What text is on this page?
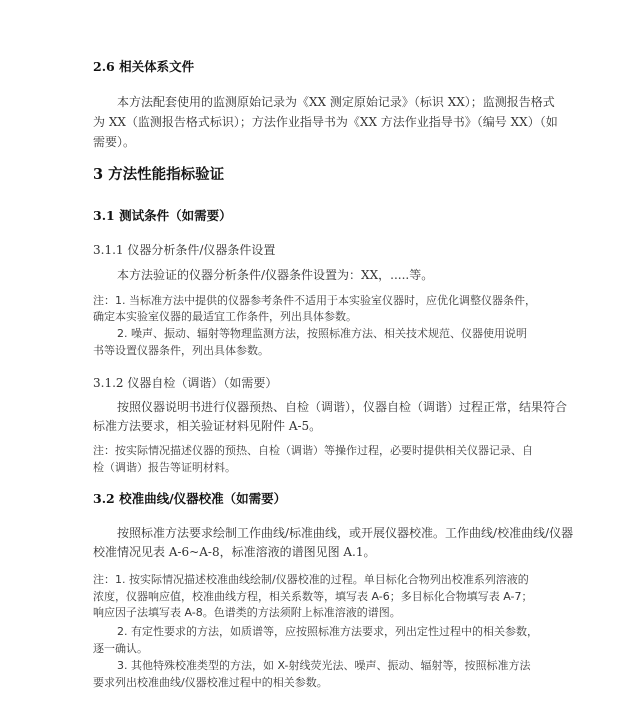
2.6 相关体系文件
本方法配套使用的监测原始记录为《XX 测定原始记录》（标识 XX）；监测报告格式
为 XX（监测报告格式标识）；方法作业指导书为《XX 方法作业指导书》（编号 XX）（如
需要）。
3 方法性能指标验证
3.1 测试条件（如需要）
3.1.1 仪器分析条件/仪器条件设置
本方法验证的仪器分析条件/仪器条件设置为：XX，.....等。
注：1. 当标准方法中提供的仪器参考条件不适用于本实验室仪器时，应优化调整仪器条件，
确定本实验室仪器的最适宜工作条件，列出具体参数。
2. 噪声、振动、辐射等物理监测方法，按照标准方法、相关技术规范、仪器使用说明
书等设置仪器条件，列出具体参数。
3.1.2 仪器自检（调谐）（如需要）
按照仪器说明书进行仪器预热、自检（调谐），仪器自检（调谐）过程正常，结果符合
标准方法要求，相关验证材料见附件 A-5。
注：按实际情况描述仪器的预热、自检（调谐）等操作过程，必要时提供相关仪器记录、自
检（调谐）报告等证明材料。
3.2 校准曲线/仪器校准（如需要）
按照标准方法要求绘制工作曲线/标准曲线，或开展仪器校准。工作曲线/校准曲线/仪器
校准情况见表 A-6~A-8，标准溶液的谱图见图 A.1。
注：1. 按实际情况描述校准曲线绘制/仪器校准的过程。单目标化合物列出校准系列溶液的
浓度，仪器响应值，校准曲线方程，相关系数等，填写表 A-6；多目标化合物填写表 A-7；
响应因子法填写表 A-8。色谱类的方法须附上标准溶液的谱图。
2. 有定性要求的方法，如质谱等，应按照标准方法要求，列出定性过程中的相关参数，
逐一确认。
3. 其他特殊校准类型的方法，如 X-射线荧光法、噪声、振动、辐射等，按照标准方法
要求列出校准曲线/仪器校准过程中的相关参数。
